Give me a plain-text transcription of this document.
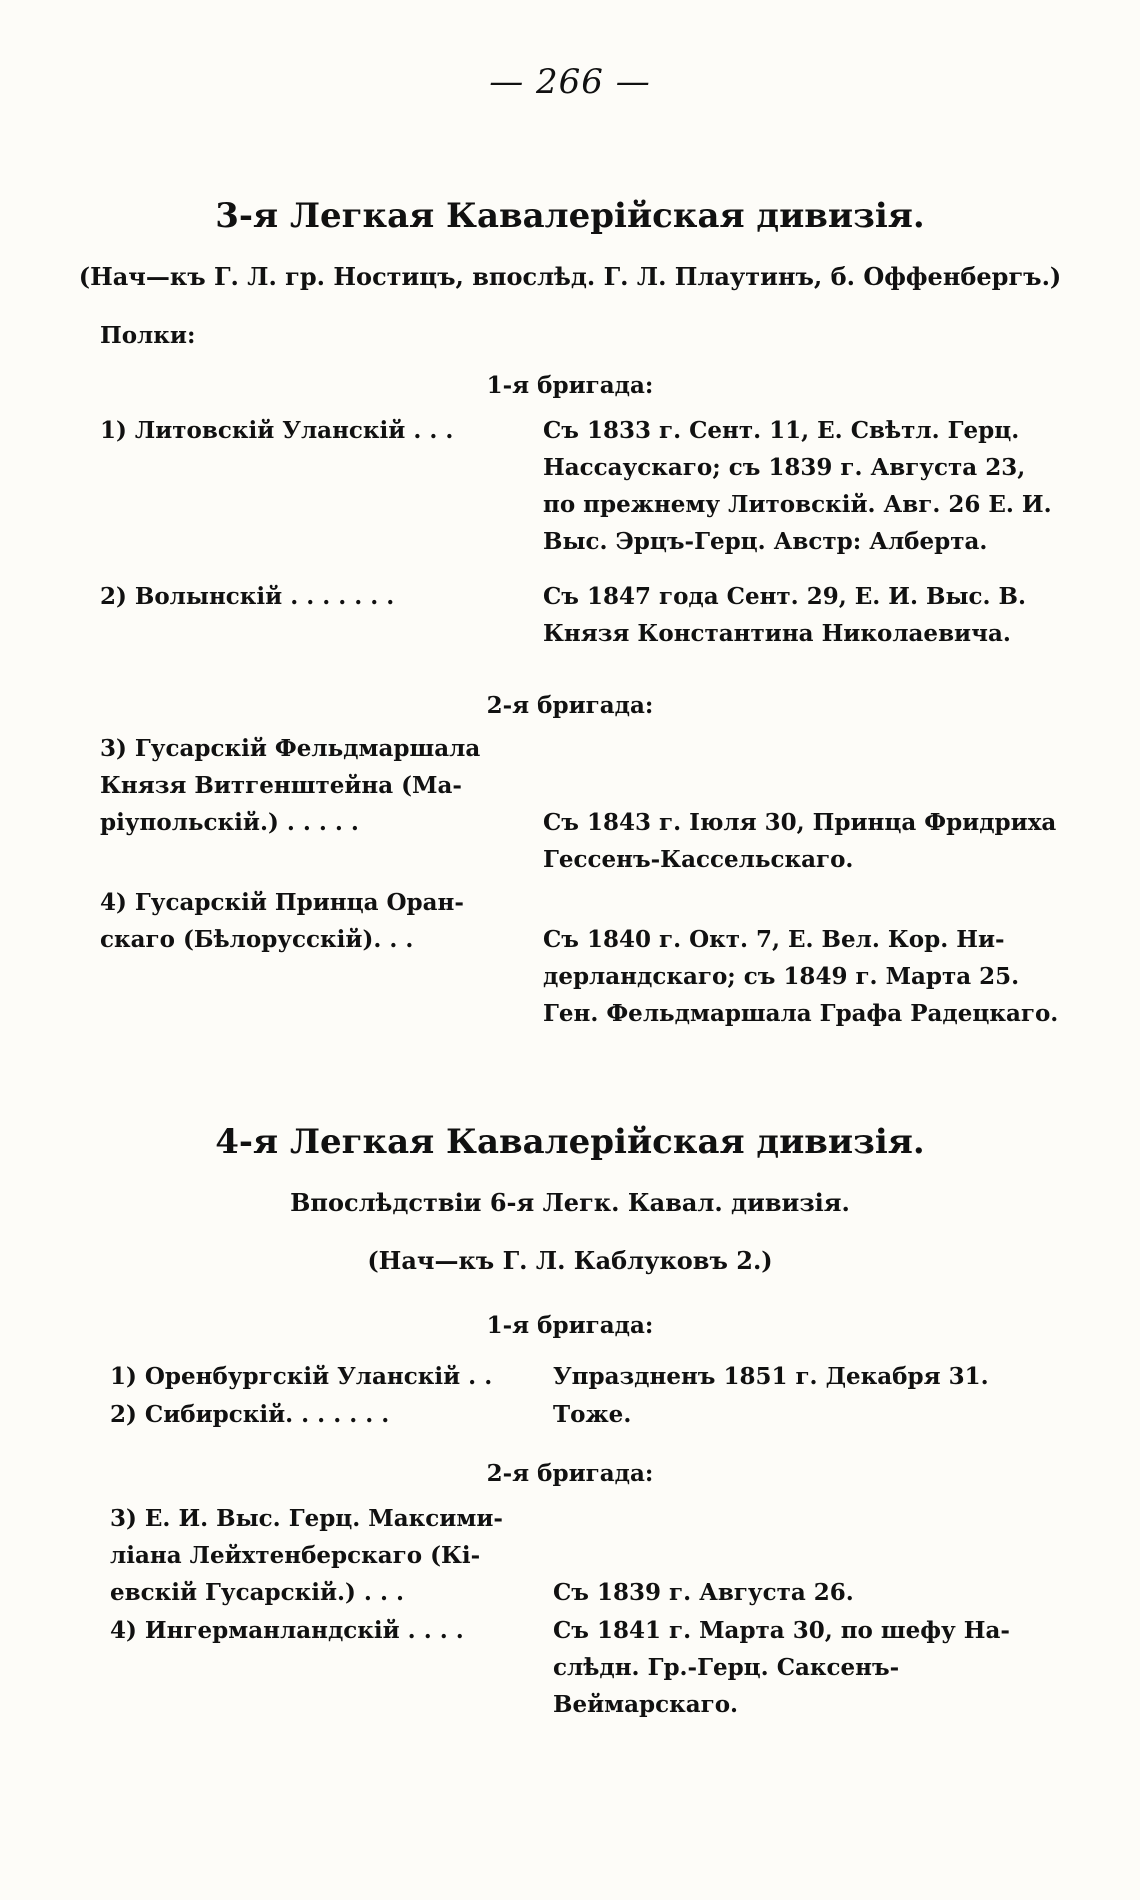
— 266 —
3-я Легкая Кавалерійская дивизія.
(Нач—къ Г. Л. гр. Ностицъ, впослѣд. Г. Л. Плаутинъ, б. Оффенбергъ.)
Полки:
1-я бригада:
1) Литовскій Уланскій . . .	Съ 1833 г. Сент. 11, Е. Свѣтл. Герц.
Нассаускаго; съ 1839 г. Августа 23,
по прежнему Литовскій. Авг. 26 Е. И.
Выс. Эрцъ-Герц. Австр: Алберта.
2) Волынскій . . . . . . .	Съ 1847 года Сент. 29, Е. И. Выс. В.
Князя Константина Николаевича.
2-я бригада:
3) Гусарскій Фельдмаршала
Князя Витгенштейна (Ма-
ріупольскій.) . . . . .	Съ 1843 г. Іюля 30, Принца Фридриха
Гессенъ-Кассельскаго.
4) Гусарскій Принца Оран-
скаго (Бѣлорусскій). . .	Съ 1840 г. Окт. 7, Е. Вел. Кор. Ни-
дерландскаго; съ 1849 г. Марта 25.
Ген. Фельдмаршала Графа Радецкаго.
4-я Легкая Кавалерійская дивизія.
Впослѣдствіи 6-я Легк. Кавал. дивизія.
(Нач—къ Г. Л. Каблуковъ 2.)
1-я бригада:
1) Оренбургскій Уланскій . .	Упраздненъ 1851 г. Декабря 31.
2) Сибирскій. . . . . . .	Тоже.
2-я бригада:
3) Е. И. Выс. Герц. Максими-
ліана Лейхтенберскаго (Кі-
евскій Гусарскій.) . . .	Съ 1839 г. Августа 26.
4) Ингерманландскій . . . .	Съ 1841 г. Марта 30, по шефу На-
слѣдн. Гр.-Герц. Саксенъ-Веймарскаго.
